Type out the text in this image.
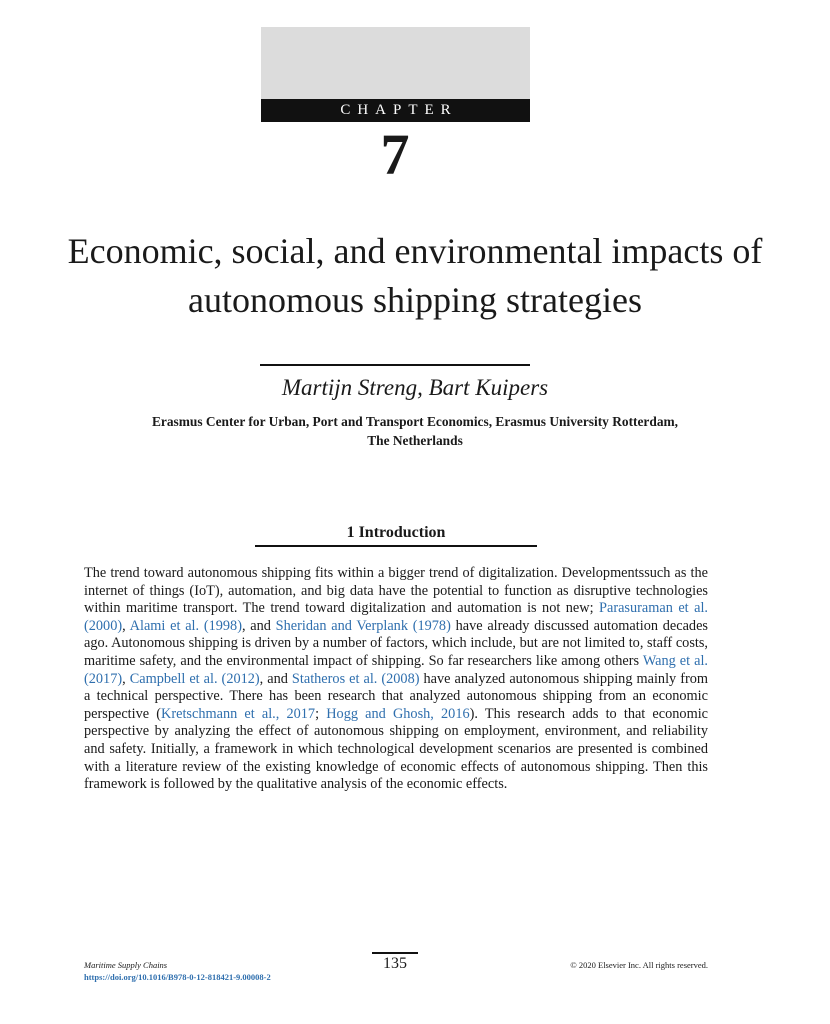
CHAPTER
7
Economic, social, and environmental impacts of autonomous shipping strategies
Martijn Streng, Bart Kuipers
Erasmus Center for Urban, Port and Transport Economics, Erasmus University Rotterdam,
The Netherlands
1 Introduction

The trend toward autonomous shipping fits within a bigger trend of digitalization. Developmentssuch as the internet of things (IoT), automation, and big data have the potential to function as disruptive technologies within maritime transport. The trend toward digitalization and automation is not new; Parasuraman et al. (2000), Alami et al. (1998), and Sheridan and Verplank (1978) have already discussed automation decades ago. Autonomous shipping is driven by a number of factors, which include, but are not limited to, staff costs, maritime safety, and the environmental impact of shipping. So far researchers like among others Wang et al. (2017), Campbell et al. (2012), and Statheros et al. (2008) have analyzed autonomous shipping mainly from a technical perspective. There has been research that analyzed autonomous shipping from an economic perspective (Kretschmann et al., 2017; Hogg and Ghosh, 2016). This research adds to that economic perspective by analyzing the effect of autonomous shipping on employment, environment, and reliability and safety. Initially, a framework in which technological development scenarios are presented is combined with a literature review of the existing knowledge of economic effects of autonomous shipping. Then this framework is followed by the qualitative analysis of the economic effects.

135
Maritime Supply Chains
https://doi.org/10.1016/B978-0-12-818421-9.00008-2
© 2020 Elsevier Inc. All rights reserved.
